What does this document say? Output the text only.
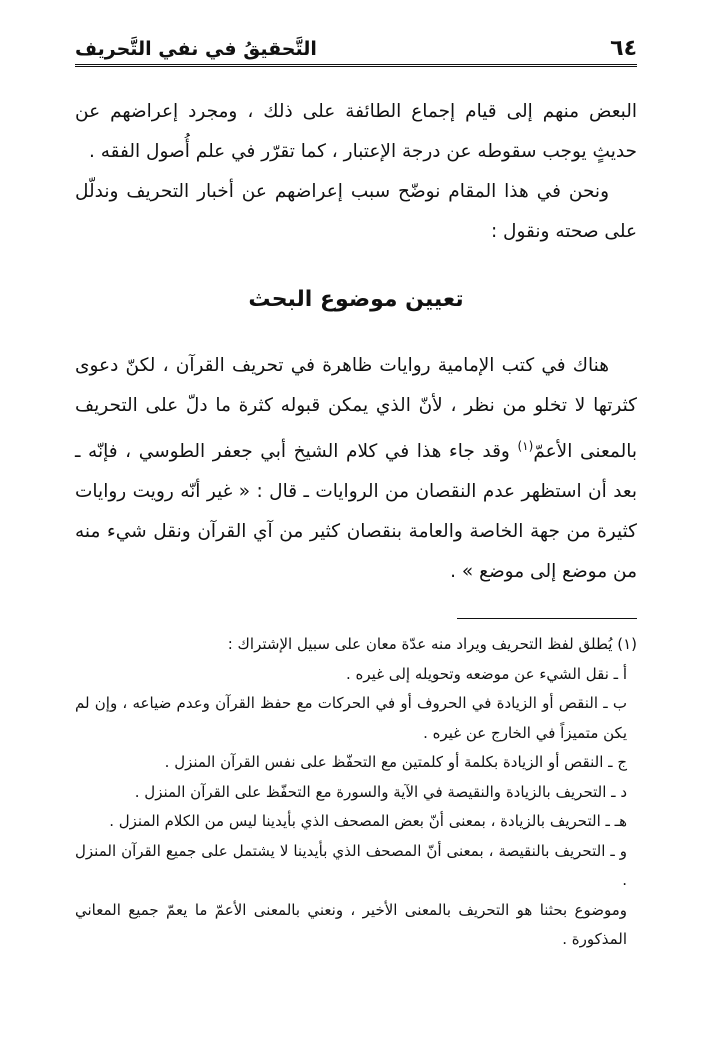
٦٤
التَّحقيقُ في نفي التَّحريف

البعض منهم إلى قيام إجماع الطائفة على ذلك ، ومجرد إعراضهم عن حديثٍ يوجب سقوطه عن درجة الإعتبار ، كما تقرّر في علم أُصول الفقه .

ونحن في هذا المقام نوضّح سبب إعراضهم عن أخبار التحريف وندلّل على صحته ونقول :

تعيين موضوع البحث

هناك في كتب الإمامية روايات ظاهرة في تحريف القرآن ، لكنّ دعوى كثرتها لا تخلو من نظر ، لأنّ الذي يمكن قبوله كثرة ما دلّ على التحريف بالمعنى الأعمّ$^{(١)}$ وقد جاء هذا في كلام الشيخ أبي جعفر الطوسي ، فإنّه ـ بعد أن استظهر عدم النقصان من الروايات ـ قال : « غير أنّه رويت روايات كثيرة من جهة الخاصة والعامة بنقصان كثير من آي القرآن ونقل شيء منه من موضع إلى موضع » .

(١) يُطلق لفظ التحريف ويراد منه عدّة معان على سبيل الإشتراك :
أ ـ نقل الشيء عن موضعه وتحويله إلى غيره .
ب ـ النقص أو الزيادة في الحروف أو في الحركات مع حفظ القرآن وعدم ضياعه ، وإن لم يكن متميزاً في الخارج عن غيره .
ج ـ النقص أو الزيادة بكلمة أو كلمتين مع التحفّظ على نفس القرآن المنزل .
د ـ التحريف بالزيادة والنقيصة في الآية والسورة مع التحفّظ على القرآن المنزل .
هـ ـ التحريف بالزيادة ، بمعنى أنّ بعض المصحف الذي بأيدينا ليس من الكلام المنزل .
و ـ التحريف بالنقيصة ، بمعنى أنّ المصحف الذي بأيدينا لا يشتمل على جميع القرآن المنزل .
وموضوع بحثنا هو التحريف بالمعنى الأخير ، ونعني بالمعنى الأعمّ ما يعمّ جميع المعاني المذكورة .
